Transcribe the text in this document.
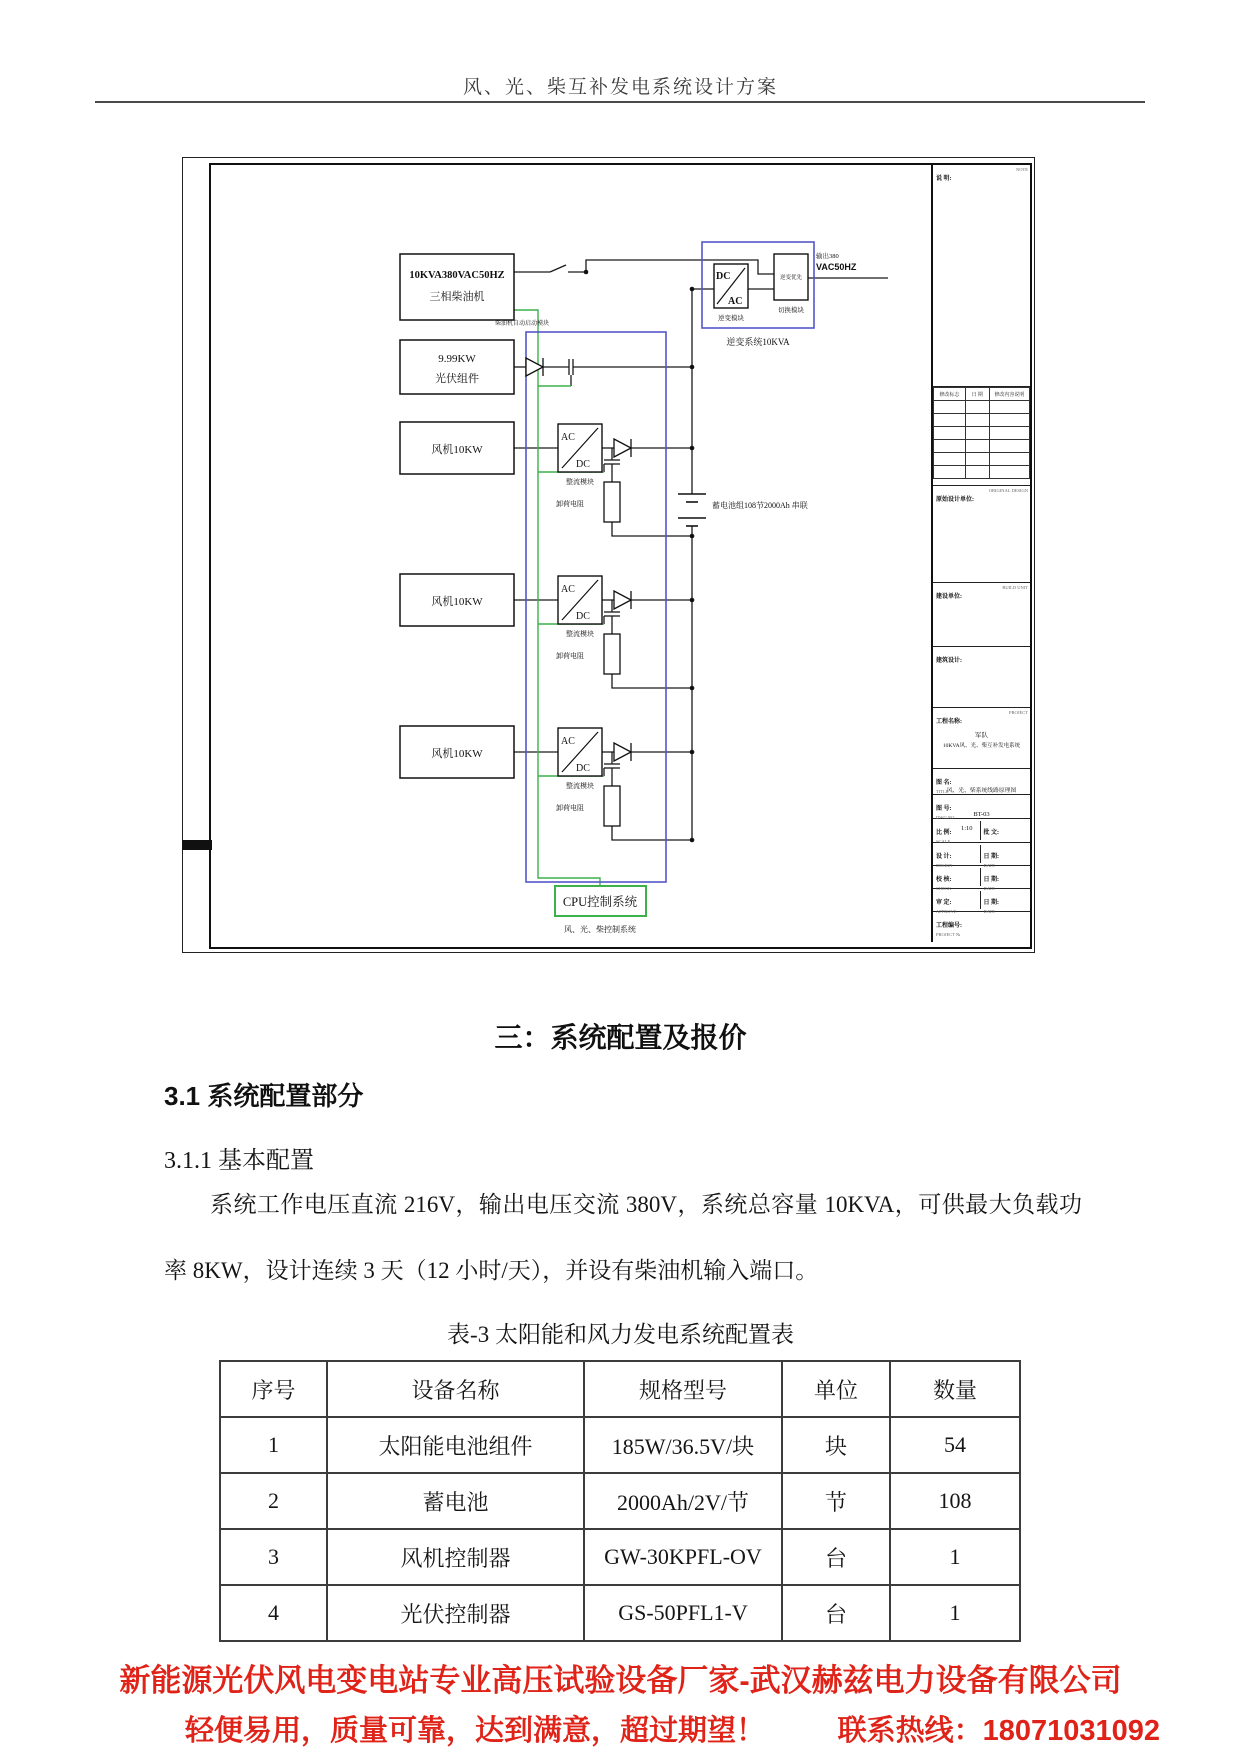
风、光、柴互补发电系统设计方案
10KVA380VAC50HZ
三相柴油机
柴油机自动启动模块
9.99KW
光伏组件
风机10KW
风机10KW
风机10KW
AC
DC
整流模块
AC
DC
整流模块
AC
DC
整流模块
卸荷电阻
卸荷电阻
卸荷电阻
蓄电池组108节2000Ah 串联
DC
AC
逆变模块
逆变优先
切换模块
输出380
VAC50HZ
逆变系统10KVA
CPU控制系统
风、光、柴控制系统
说 明:
NOTE
修改标志	日 期	修改内容说明

原始设计单位:
ORIGINAL DESIGN
建设单位:
BUILD UNIT
建筑设计:
工程名称:
PROJECT
军队
10KVA风、光、柴互补发电系统
图 名:
TITLE
风、光、柴系统线路原理图
图 号:
DWG.NO	BT-03
比 例:
SCALE
1:10
批 文:
设 计:
DESIGN
日 期:
DATE
校 核:
CHECK
日 期:
DATE
审 定:
APPROVE
日 期:
DATE
工程编号:
PROJECT №
三：系统配置及报价
3.1 系统配置部分
3.1.1 基本配置
系统工作电压直流 216V，输出电压交流 380V，系统总容量 10KVA，可供最大负载功率 8KW，设计连续 3 天（12 小时/天），并设有柴油机输入端口。
表-3 太阳能和风力发电系统配置表
序号	设备名称	规格型号	单位	数量
1	太阳能电池组件	185W/36.5V/块	块	54
2	蓄电池	2000Ah/2V/节	节	108
3	风机控制器	GW-30KPFL-OV	台	1
4	光伏控制器	GS-50PFL1-V	台	1
新能源光伏风电变电站专业高压试验设备厂家-武汉赫兹电力设备有限公司
轻便易用，质量可靠，达到满意，超过期望！	联系热线：18071031092
